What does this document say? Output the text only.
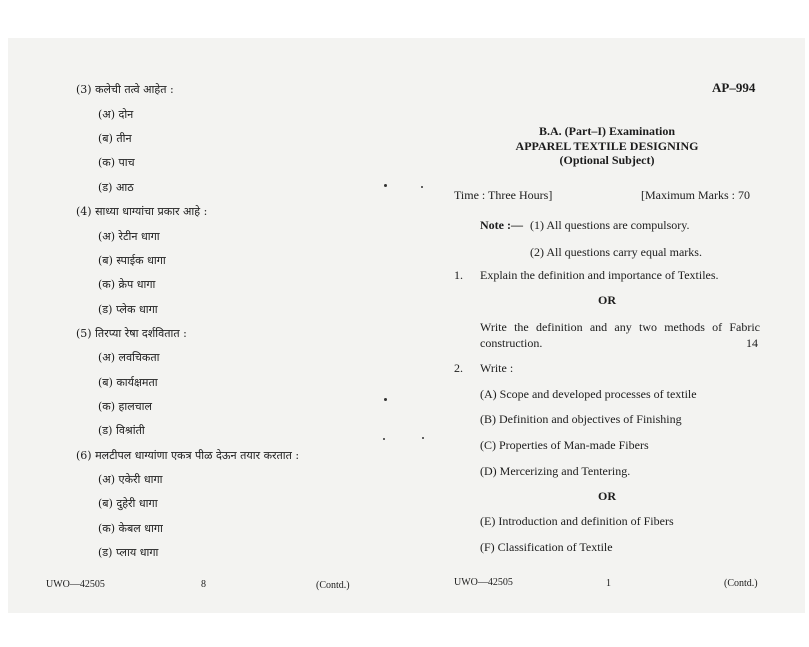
(3) कलेची तत्वे आहेत :
(अ) दोन
(ब) तीन
(क) पाच
(ड) आठ
(4) साध्या धाग्यांचा प्रकार आहे :
(अ) रेटीन धागा
(ब) स्पाईक धागा
(क) क्रेप धागा
(ड) प्लेक धागा
(5) तिरप्या रेषा दर्शवितात :
(अ) लवचिकता
(ब) कार्यक्षमता
(क) हालचाल
(ड) विश्रांती
(6) मलटीपल धाग्यांणा एकत्र पीळ देऊन तयार करतात :
(अ) एकेरी धागा
(ब) दुहेरी धागा
(क) केबल धागा
(ड) प्लाय धागा
UWO—42505	8	(Contd.)
AP–994
B.A. (Part–I) Examination
APPAREL TEXTILE DESIGNING
(Optional Subject)
Time : Three Hours]	[Maximum Marks : 70
Note :— (1) All questions are compulsory.
(2) All questions carry equal marks.
1. Explain the definition and importance of Textiles.
OR
Write the definition and any two methods of Fabric construction.	14
2. Write :
(A) Scope and developed processes of textile
(B) Definition and objectives of Finishing
(C) Properties of Man-made Fibers
(D) Mercerizing and Tentering.
OR
(E) Introduction and definition of Fibers
(F) Classification of Textile
UWO—42505	1	(Contd.)
